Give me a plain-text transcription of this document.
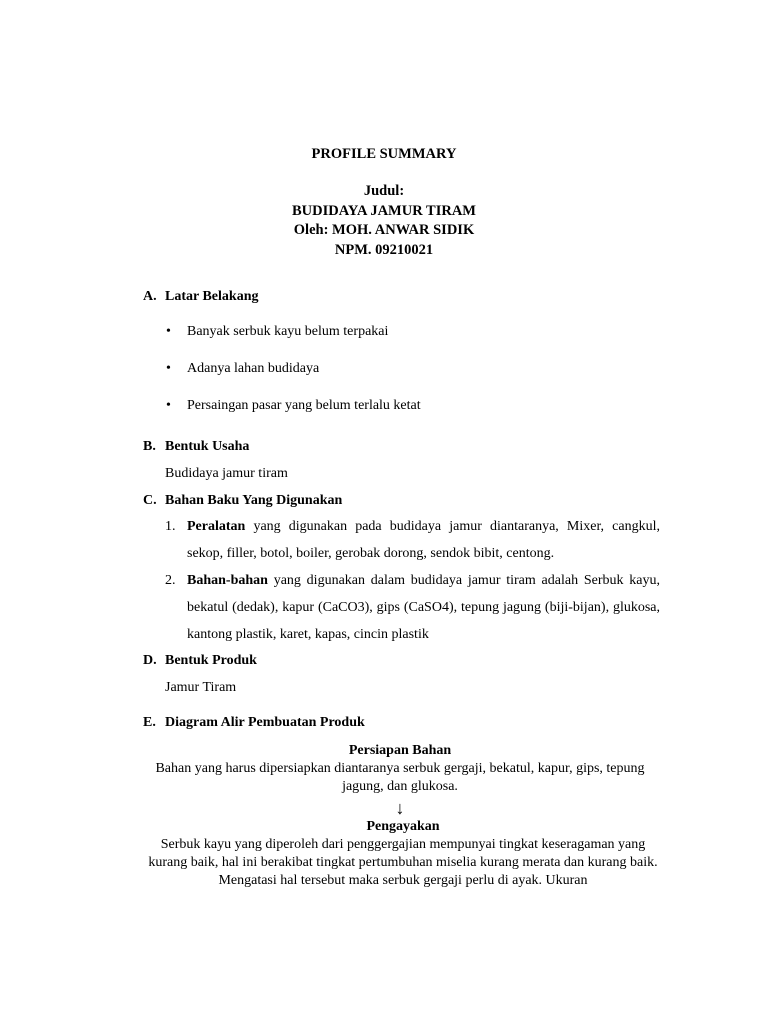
PROFILE SUMMARY
Judul:
BUDIDAYA JAMUR TIRAM
Oleh: MOH. ANWAR SIDIK
NPM. 09210021
A. Latar Belakang
• Banyak serbuk kayu belum terpakai
• Adanya lahan budidaya
• Persaingan pasar yang belum terlalu ketat
B. Bentuk Usaha
Budidaya jamur tiram
C. Bahan Baku Yang Digunakan
1. Peralatan yang digunakan pada budidaya jamur diantaranya, Mixer, cangkul, sekop, filler, botol, boiler, gerobak dorong, sendok bibit, centong.
2. Bahan-bahan yang digunakan dalam budidaya jamur tiram adalah Serbuk kayu, bekatul (dedak), kapur (CaCO3), gips (CaSO4), tepung jagung (biji-bijan), glukosa, kantong plastik, karet, kapas, cincin plastik
D. Bentuk Produk
Jamur Tiram
E. Diagram Alir Pembuatan Produk
Persiapan Bahan
Bahan yang harus dipersiapkan diantaranya serbuk gergaji, bekatul, kapur, gips, tepung jagung, dan glukosa.
↓
Pengayakan
Serbuk kayu yang diperoleh dari penggergajian mempunyai tingkat keseragaman yang kurang baik, hal ini berakibat tingkat pertumbuhan miselia kurang merata dan kurang baik. Mengatasi hal tersebut maka serbuk gergaji perlu di ayak. Ukuran
